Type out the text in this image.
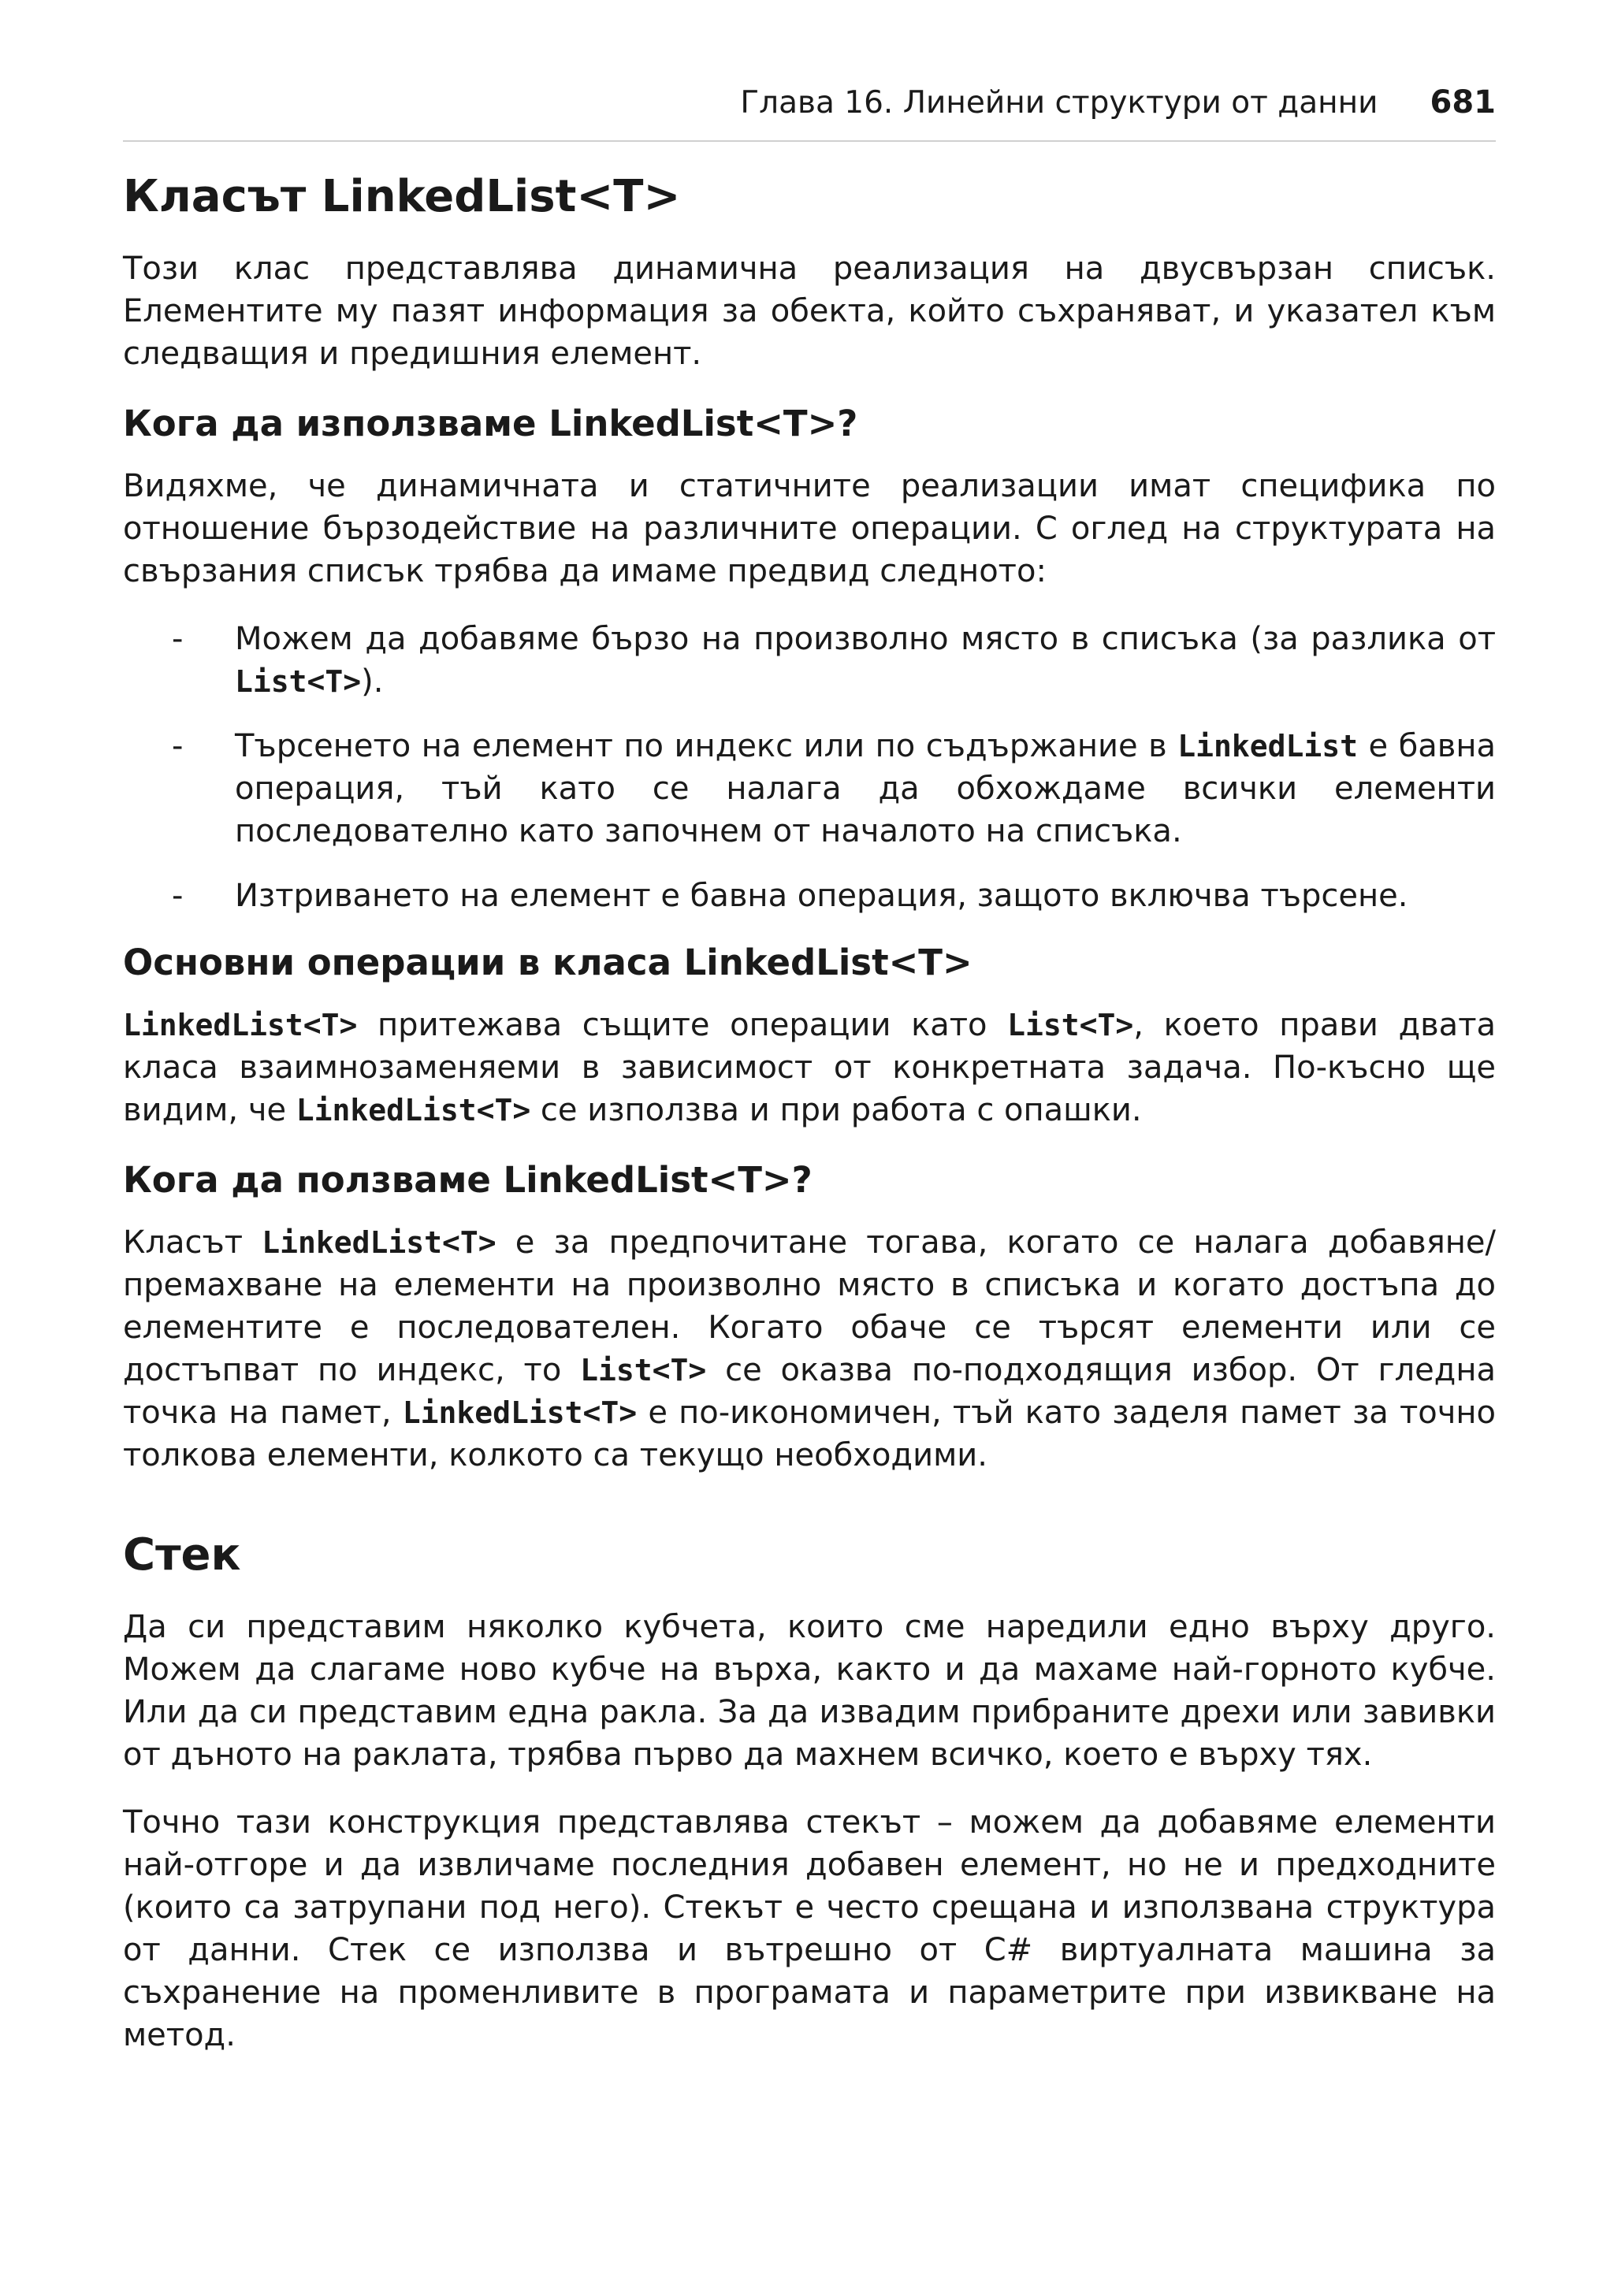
Глава 16. Линейни структури от данни 681
Класът LinkedList<T>

Този клас представлява динамична реализация на двусвързан списък. Елементите му пазят информация за обекта, който съхраняват, и указател към следващия и предишния елемент.

Кога да използваме LinkedList<T>?

Видяхме, че динамичната и статичните реализации имат специфика по отношение бързодействие на различните операции. С оглед на структурата на свързания списък трябва да имаме предвид следното:

- Можем да добавяме бързо на произволно място в списъка (за разлика от List<T>).
- Търсенето на елемент по индекс или по съдържание в LinkedList е бавна операция, тъй като се налага да обхождаме всички елементи последователно като започнем от началото на списъка.
- Изтриването на елемент е бавна операция, защото включва търсене.
Основни операции в класа LinkedList<T>

LinkedList<T> притежава същите операции като List<T>, което прави двата класа взаимнозаменяеми в зависимост от конкретната задача. По-късно ще видим, че LinkedList<T> се използва и при работа с опашки.

Кога да ползваме LinkedList<T>?

Класът LinkedList<T> е за предпочитане тогава, когато се налага добавяне/премахване на елементи на произволно място в списъка и когато достъпа до елементите е последователен. Когато обаче се търсят елементи или се достъпват по индекс, то List<T> се оказва по-подходящия избор. От гледна точка на памет, LinkedList<T> е по-икономичен, тъй като заделя памет за точно толкова елементи, колкото са текущо необходими.

Стек

Да си представим няколко кубчета, които сме наредили едно върху друго. Можем да слагаме ново кубче на върха, както и да махаме най-горното кубче. Или да си представим една ракла. За да извадим прибраните дрехи или завивки от дъното на раклата, трябва първо да махнем всичко, което е върху тях.

Точно тази конструкция представлява стекът – можем да добавяме елементи най-отгоре и да извличаме последния добавен елемент, но не и предходните (които са затрупани под него). Стекът е често срещана и използвана структура от данни. Стек се използва и вътрешно от C# виртуалната машина за съхранение на променливите в програмата и параметрите при извикване на метод.
